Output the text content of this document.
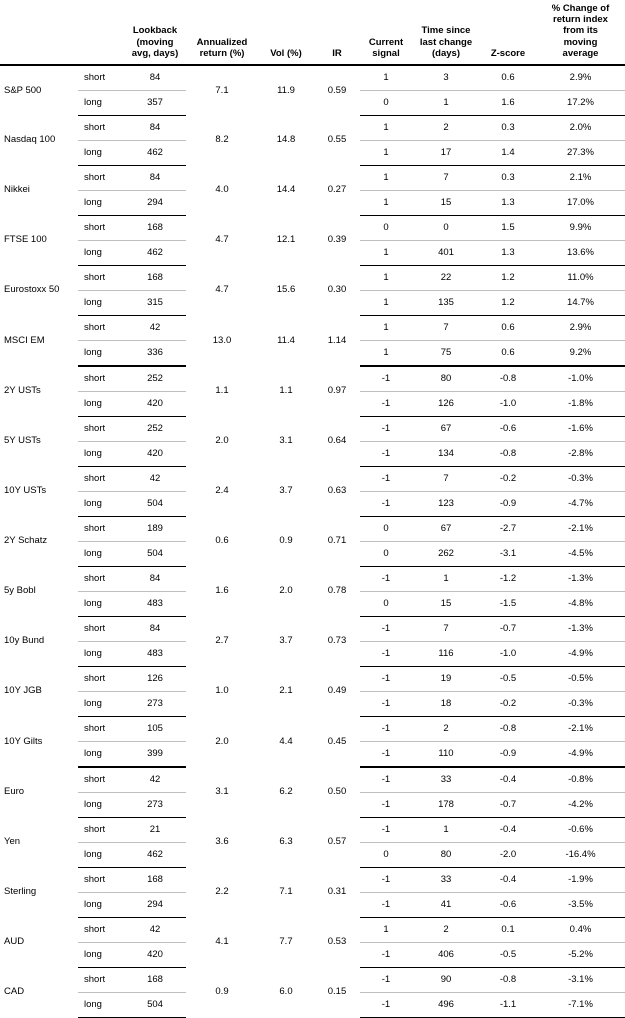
		Lookback
(moving
avg, days)	Annualized
return (%)	Vol (%)	IR	Current
signal	Time since
last change
(days)	Z-score	% Change of
return index
from its
moving
average

S&P 500	short	84	7.1	11.9	0.59	1	3	0.6	2.9%
	long	357				0	1	1.6	17.2%
Nasdaq 100	short	84	8.2	14.8	0.55	1	2	0.3	2.0%
	long	462				1	17	1.4	27.3%
Nikkei	short	84	4.0	14.4	0.27	1	7	0.3	2.1%
	long	294				1	15	1.3	17.0%
FTSE 100	short	168	4.7	12.1	0.39	0	0	1.5	9.9%
	long	462				1	401	1.3	13.6%
Eurostoxx 50	short	168	4.7	15.6	0.30	1	22	1.2	11.0%
	long	315				1	135	1.2	14.7%
MSCI EM	short	42	13.0	11.4	1.14	1	7	0.6	2.9%
	long	336				1	75	0.6	9.2%
2Y USTs	short	252	1.1	1.1	0.97	-1	80	-0.8	-1.0%
	long	420				-1	126	-1.0	-1.8%
5Y USTs	short	252	2.0	3.1	0.64	-1	67	-0.6	-1.6%
	long	420				-1	134	-0.8	-2.8%
10Y USTs	short	42	2.4	3.7	0.63	-1	7	-0.2	-0.3%
	long	504				-1	123	-0.9	-4.7%
2Y Schatz	short	189	0.6	0.9	0.71	0	67	-2.7	-2.1%
	long	504				0	262	-3.1	-4.5%
5y Bobl	short	84	1.6	2.0	0.78	-1	1	-1.2	-1.3%
	long	483				0	15	-1.5	-4.8%
10y Bund	short	84	2.7	3.7	0.73	-1	7	-0.7	-1.3%
	long	483				-1	116	-1.0	-4.9%
10Y JGB	short	126	1.0	2.1	0.49	-1	19	-0.5	-0.5%
	long	273				-1	18	-0.2	-0.3%
10Y Gilts	short	105	2.0	4.4	0.45	-1	2	-0.8	-2.1%
	long	399				-1	110	-0.9	-4.9%
Euro	short	42	3.1	6.2	0.50	-1	33	-0.4	-0.8%
	long	273				-1	178	-0.7	-4.2%
Yen	short	21	3.6	6.3	0.57	-1	1	-0.4	-0.6%
	long	462				0	80	-2.0	-16.4%
Sterling	short	168	2.2	7.1	0.31	-1	33	-0.4	-1.9%
	long	294				-1	41	-0.6	-3.5%
AUD	short	42	4.1	7.7	0.53	1	2	0.1	0.4%
	long	420				-1	406	-0.5	-5.2%
CAD	short	168	0.9	6.0	0.15	-1	90	-0.8	-3.1%
	long	504				-1	496	-1.1	-7.1%
